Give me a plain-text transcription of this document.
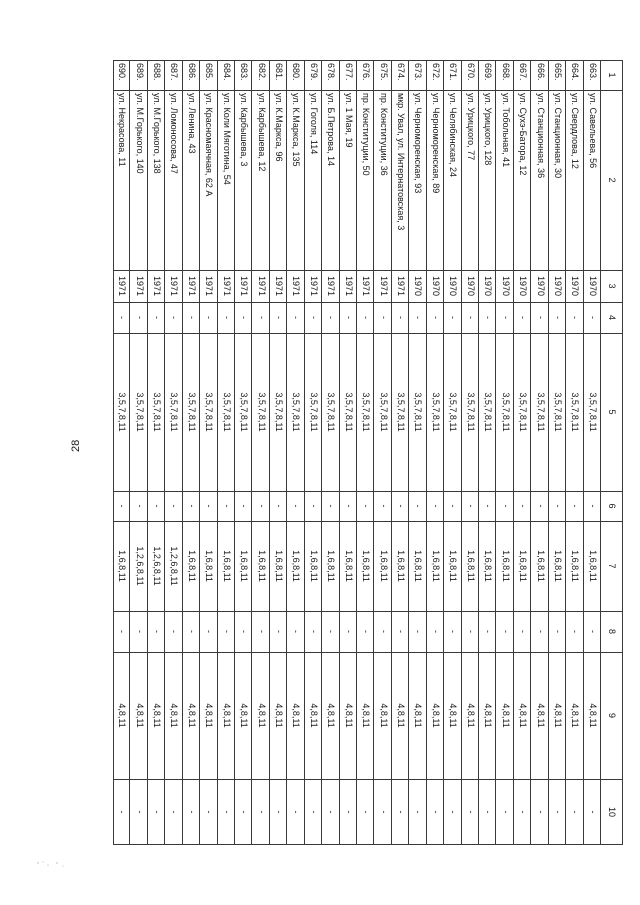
28
1
2
3
4
5
6
7
8
9
10
663.
ул. Савельева, 56
1970
-
3,5,7,8,11
-
1,6,8,11
-
4,8,11
-
664.
ул. Свердлова, 12
1970
-
3,5,7,8,11
-
1,6,8,11
-
4,8,11
-
665.
ул. Станционная, 30
1970
-
3,5,7,8,11
-
1,6,8,11
-
4,8,11
-
666.
ул. Станционная, 36
1970
-
3,5,7,8,11
-
1,6,8,11
-
4,8,11
-
667.
ул. Сухэ-Батора, 12
1970
-
3,5,7,8,11
-
1,6,8,11
-
4,8,11
-
668.
ул. Тобольная, 41
1970
-
3,5,7,8,11
-
1,6,8,11
-
4,8,11
-
669.
ул. Урицкого, 128
1970
-
3,5,7,8,11
-
1,6,8,11
-
4,8,11
-
670.
ул. Урицкого, 77
1970
-
3,5,7,8,11
-
1,6,8,11
-
4,8,11
-
671.
ул. Челябинская, 24
1970
-
3,5,7,8,11
-
1,6,8,11
-
4,8,11
-
672.
ул. Черноморенская, 89
1970
-
3,5,7,8,11
-
1,6,8,11
-
4,8,11
-
673.
ул. Черноморенская, 93
1970
-
3,5,7,8,11
-
1,6,8,11
-
4,8,11
-
674.
мкр. Увал, ул. Интернатовская, 3
1971
-
3,5,7,8,11
-
1,6,8,11
-
4,8,11
-
675.
пр. Конституции, 36
1971
-
3,5,7,8,11
-
1,6,8,11
-
4,8,11
-
676.
пр. Конституции, 50
1971
-
3,5,7,8,11
-
1,6,8,11
-
4,8,11
-
677.
ул. 1 Мая, 19
1971
-
3,5,7,8,11
-
1,6,8,11
-
4,8,11
-
678.
ул. Б.Петрова, 14
1971
-
3,5,7,8,11
-
1,6,8,11
-
4,8,11
-
679.
ул. Гоголя, 114
1971
-
3,5,7,8,11
-
1,6,8,11
-
4,8,11
-
680.
ул. К.Маркса, 135
1971
-
3,5,7,8,11
-
1,6,8,11
-
4,8,11
-
681.
ул. К.Маркса, 96
1971
-
3,5,7,8,11
-
1,6,8,11
-
4,8,11
-
682.
ул. Карбышева, 12
1971
-
3,5,7,8,11
-
1,6,8,11
-
4,8,11
-
683.
ул. Карбышева, 3
1971
-
3,5,7,8,11
-
1,6,8,11
-
4,8,11
-
684.
ул. Коли Мяготина, 54
1971
-
3,5,7,8,11
-
1,6,8,11
-
4,8,11
-
685.
ул. Красномаячная, 62 А
1971
-
3,5,7,8,11
-
1,6,8,11
-
4,8,11
-
686.
ул. Ленина, 43
1971
-
3,5,7,8,11
-
1,6,8,11
-
4,8,11
-
687.
ул. Ломоносова, 47
1971
-
3,5,7,8,11
-
1,2,6,8,11
-
4,8,11
-
688.
ул. М.Горького, 138
1971
-
3,5,7,8,11
-
1,2,6,8,11
-
4,8,11
-
689.
ул. М.Горького, 140
1971
-
3,5,7,8,11
-
1,2,6,8,11
-
4,8,11
-
690.
ул. Некрасова, 11
1971
-
3,5,7,8,11
-
1,6,8,11
-
4,8,11
-
